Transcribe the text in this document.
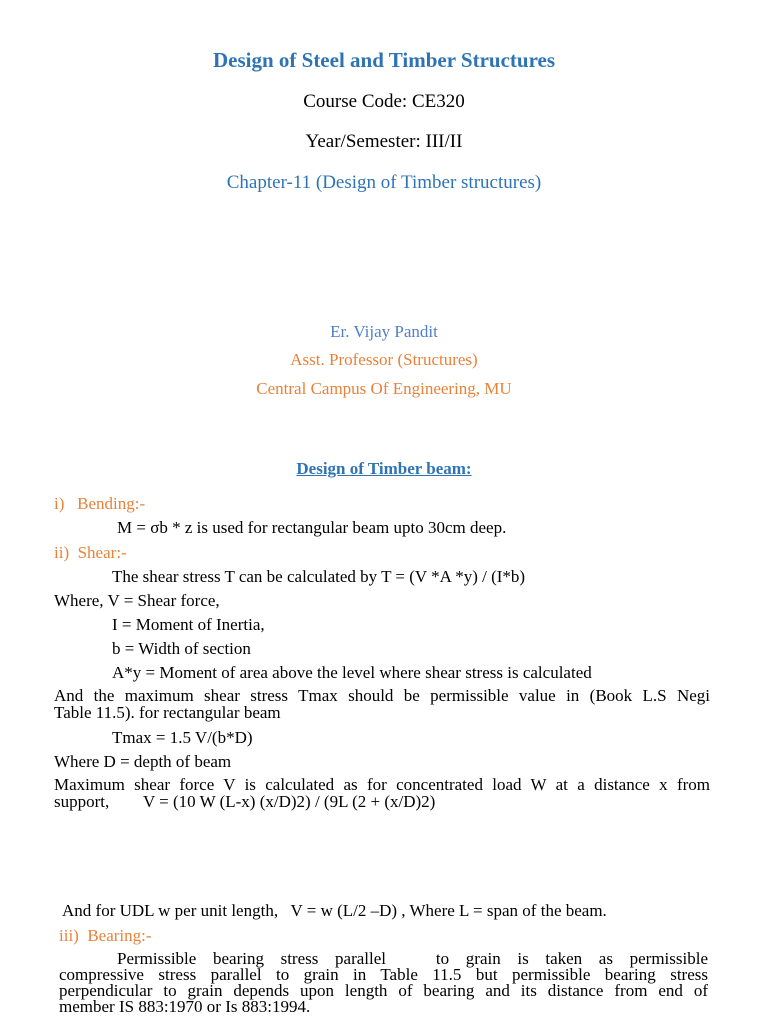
Design of Steel and Timber Structures
Course Code: CE320
Year/Semester: III/II
Chapter-11 (Design of Timber structures)
Er. Vijay Pandit
Asst. Professor (Structures)
Central Campus Of Engineering, MU
Design of Timber beam:
i)   Bending:-
M = σb * z is used for rectangular beam upto 30cm deep.
ii)  Shear:-
The shear stress T can be calculated by T = (V *A *y) / (I*b)
Where, V = Shear force,
I = Moment of Inertia,
b = Width of section
A*y = Moment of area above the level where shear stress is calculated
And the maximum shear stress Tmax should be permissible value in (Book L.S Negi
Table 11.5). for rectangular beam
Tmax = 1.5 V/(b*D)
Where D = depth of beam
Maximum shear force V is calculated as for concentrated load W at a distance x from
support,        V = (10 W (L-x) (x/D)2) / (9L (2 + (x/D)2)
And for UDL w per unit length,   V = w (L/2 –D) , Where L = span of the beam.
iii)  Bearing:-
Permissible bearing stress parallel   to grain is taken as permissible
compressive stress parallel to grain in Table 11.5 but permissible bearing stress
perpendicular to grain depends upon length of bearing and its distance from end of
member IS 883:1970 or Is 883:1994.
